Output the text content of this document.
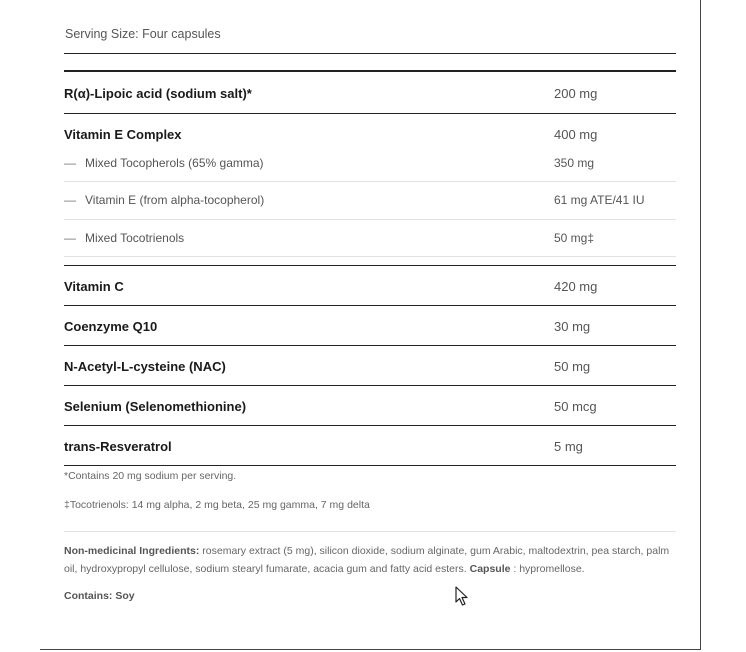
Serving Size: Four capsules
R(α)-Lipoic acid (sodium salt)*	200 mg
Vitamin E Complex	400 mg
— Mixed Tocopherols (65% gamma)	350 mg
— Vitamin E (from alpha-tocopherol)	61 mg ATE/41 IU
— Mixed Tocotrienols	50 mg‡
Vitamin C	420 mg
Coenzyme Q10	30 mg
N-Acetyl-L-cysteine (NAC)	50 mg
Selenium (Selenomethionine)	50 mcg
trans-Resveratrol	5 mg
*Contains 20 mg sodium per serving.
‡Tocotrienols: 14 mg alpha, 2 mg beta, 25 mg gamma, 7 mg delta
Non-medicinal Ingredients: rosemary extract (5 mg), silicon dioxide, sodium alginate, gum Arabic, maltodextrin, pea starch, palm oil, hydroxypropyl cellulose, sodium stearyl fumarate, acacia gum and fatty acid esters. Capsule : hypromellose.
Contains: Soy
